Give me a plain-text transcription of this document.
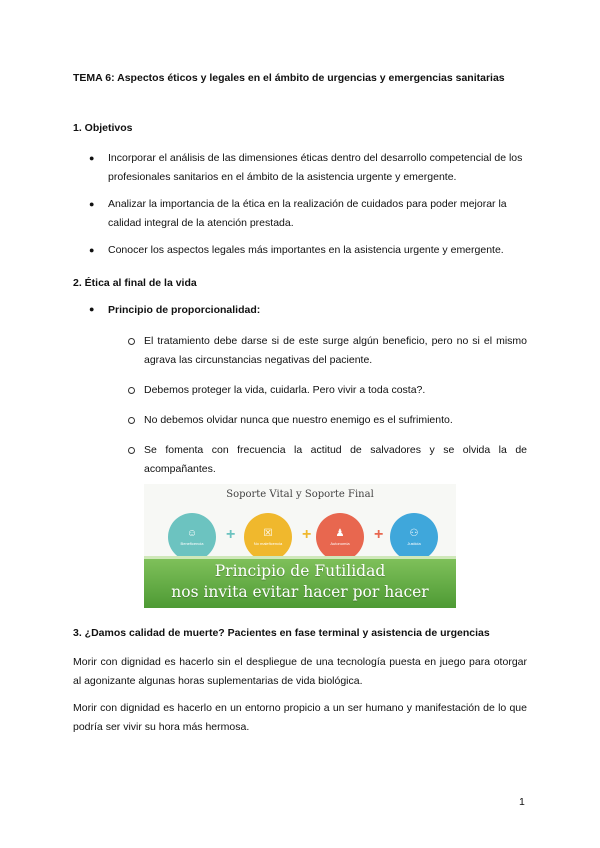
TEMA 6: Aspectos éticos y legales en el ámbito de urgencias y emergencias sanitarias
1. Objetivos
● Incorporar el análisis de las dimensiones éticas dentro del desarrollo competencial de los profesionales sanitarios en el ámbito de la asistencia urgente y emergente.
● Analizar la importancia de la ética en la realización de cuidados para poder mejorar la calidad integral de la atención prestada.
● Conocer los aspectos legales más importantes en la asistencia urgente y emergente.
2. Ética al final de la vida
● Principio de proporcionalidad:
El tratamiento debe darse si de este surge algún beneficio, pero no si el mismo agrava las circunstancias negativas del paciente.
Debemos proteger la vida, cuidarla. Pero vivir a toda costa?.
No debemos olvidar nunca que nuestro enemigo es el sufrimiento.
Se fomenta con frecuencia la actitud de salvadores y se olvida la de acompañantes.
Soporte Vital y Soporte Final
☺
Beneficencia +	☒
No maleficencia + ♟
Autonomía +	⚇
Justicia
Principio de Futilidad
nos invita evitar hacer por hacer
3. ¿Damos calidad de muerte? Pacientes en fase terminal y asistencia de urgencias
Morir con dignidad es hacerlo sin el despliegue de una tecnología puesta en juego para otorgar al agonizante algunas horas suplementarias de vida biológica.
Morir con dignidad es hacerlo en un entorno propicio a un ser humano y manifestación de lo que podría ser vivir su hora más hermosa.
1
